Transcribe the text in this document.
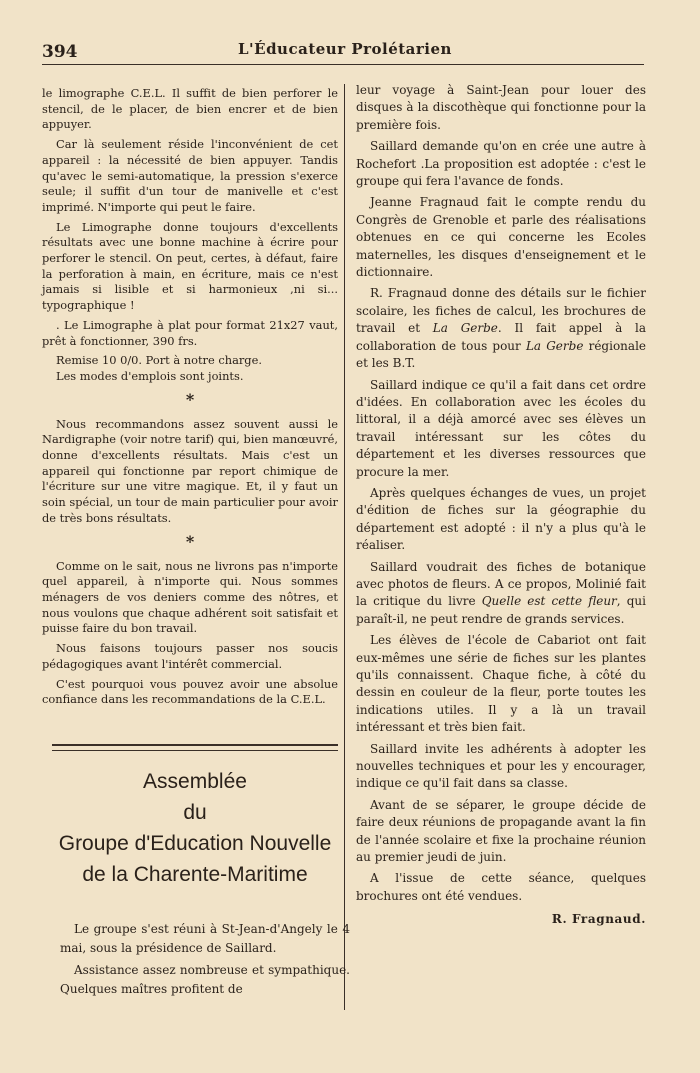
394	L'Éducateur Prolétarien

le limographe C.E.L. Il suffit de bien perforer le stencil, de le placer, de bien encrer et de bien appuyer.

Car là seulement réside l'inconvénient de cet appareil : la nécessité de bien appuyer. Tandis qu'avec le semi-automatique, la pression s'exerce seule; il suffit d'un tour de manivelle et c'est imprimé. N'importe qui peut le faire.

Le Limographe donne toujours d'excellents résultats avec une bonne machine à écrire pour perforer le stencil. On peut, certes, à défaut, faire la perforation à main, en écriture, mais ce n'est jamais si lisible et si harmonieux ,ni si... typographique !

. Le Limographe à plat pour format 21x27 vaut, prêt à fonctionner, 390 frs.

Remise 10 0/0. Port à notre charge.

Les modes d'emplois sont joints.

*

Nous recommandons assez souvent aussi le Nardigraphe (voir notre tarif) qui, bien manœuvré, donne d'excellents résultats. Mais c'est un appareil qui fonctionne par report chimique de l'écriture sur une vitre magique. Et, il y faut un soin spécial, un tour de main particulier pour avoir de très bons résultats.

*

Comme on le sait, nous ne livrons pas n'importe quel appareil, à n'importe qui. Nous sommes ménagers de vos deniers comme des nôtres, et nous voulons que chaque adhérent soit satisfait et puisse faire du bon travail.

Nous faisons toujours passer nos soucis pédagogiques avant l'intérêt commercial.

C'est pourquoi vous pouvez avoir une absolue confiance dans les recommandations de la C.E.L.

Assemblée
du
Groupe d'Education Nouvelle
de la Charente-Maritime

Le groupe s'est réuni à St-Jean-d'Angely le 4 mai, sous la présidence de Saillard.

Assistance assez nombreuse et sympathique. Quelques maîtres profitent de

leur voyage à Saint-Jean pour louer des disques à la discothèque qui fonctionne pour la première fois.

Saillard demande qu'on en crée une autre à Rochefort .La proposition est adoptée : c'est le groupe qui fera l'avance de fonds.

Jeanne Fragnaud fait le compte rendu du Congrès de Grenoble et parle des réalisations obtenues en ce qui concerne les Ecoles maternelles, les disques d'enseignement et le dictionnaire.

R. Fragnaud donne des détails sur le fichier scolaire, les fiches de calcul, les brochures de travail et La Gerbe. Il fait appel à la collaboration de tous pour La Gerbe régionale et les B.T.

Saillard indique ce qu'il a fait dans cet ordre d'idées. En collaboration avec les écoles du littoral, il a déjà amorcé avec ses élèves un travail intéressant sur les côtes du département et les diverses ressources que procure la mer.

Après quelques échanges de vues, un projet d'édition de fiches sur la géographie du département est adopté : il n'y a plus qu'à le réaliser.

Saillard voudrait des fiches de botanique avec photos de fleurs. A ce propos, Molinié fait la critique du livre Quelle est cette fleur, qui paraît-il, ne peut rendre de grands services.

Les élèves de l'école de Cabariot ont fait eux-mêmes une série de fiches sur les plantes qu'ils connaissent. Chaque fiche, à côté du dessin en couleur de la fleur, porte toutes les indications utiles. Il y a là un travail intéressant et très bien fait.

Saillard invite les adhérents à adopter les nouvelles techniques et pour les y encourager, indique ce qu'il fait dans sa classe.

Avant de se séparer, le groupe décide de faire deux réunions de propagande avant la fin de l'année scolaire et fixe la prochaine réunion au premier jeudi de juin.

A l'issue de cette séance, quelques brochures ont été vendues.

R. Fragnaud.
